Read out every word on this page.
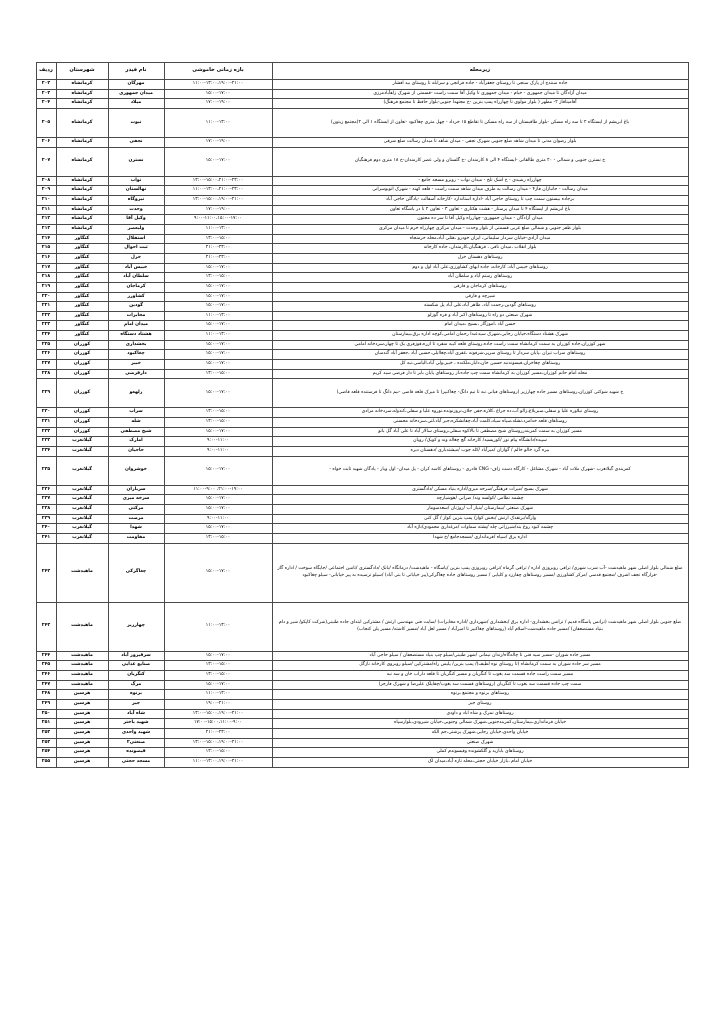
زیرمحله	بازه زمانی خاموشی	نام فیدر	شهرستان	ردیف
جاده سنندج از پارک سنجی تا روستای جعفرآباد - جاده فرانجی و سرابله تا روستای بید افشار	۱۱:۰۰-۱۳:۰۰،۱۹:۰۰-۲۱:۰۰	مهرگان	کرمانشاه	۲۰۲
میدان آزادگان تا میدان جمهوری - خیام - میدان جمهوری تا وکیل آقا سمت راست -قسمتی از شهرک زلفآبادمرزی	۱۵:۰۰-۱۷:۰۰	میدان جمهوری	کرمانشاه	۲۰۳
آقامیناقاز ۲- مطهر ( بلوار مولوی تا چهارراه پمپ بنزین -خ مجتهدا جنوبی-بلوار حافظ تا مجتمع فرهنگ)	۱۷:۰۰-۱۹:۰۰	میلاد	کرمانشاه	۲۰۴
باغ ابریشم از ایستگاه ۲ تا سه راه مسکن -بلوار طاقبستان از سه راه مسکن تا تقاطع ۱۵ خرداد - چهل متری چغاکبود -تعاون از ایستگاه ۱ الی ۲(مجتمع زیتون)	۱۱:۰۰-۱۳:۰۰	نبوت	کرمانشاه	۲۰۵
بلوار رضوان مدنی تا میدان شاهد ضلع جنوبی شهرک نجفی - میدان شاهد تا میدان رسالت ضلع شرقی	۱۷:۰۰-۱۹:۰۰	نجفی	کرمانشاه	۲۰۶
خ نسترن جنوبی و شمالی - ۲۰ متری طالقانی -ایستگاه ۴ الی ۸ کارمندان -خ گلستان و ولی عصر کارمندان-خ ۱۸ متری دوم فرهنگیان	۱۵:۰۰-۱۷:۰۰	نسترن	کرمانشاه	۲۰۷
چهارراه رشیدی - خ اشک تلخ - میدان نواب - روبرو مسجد جامع -	۱۳:۰۰-۱۵:۰۰،۲۱:۰۰-۲۳:۰۰	نواب	کرمانشاه	۲۰۸
میدان رسالت - جانبازان فاز۴ - میدان رسالت به طرف میدان شاهد سمت راست - قلعه کهنه - شهرک اتوبوسرانی	۱۱:۰۰-۱۳:۰۰،۲۱:۰۰-۲۳:۰۰	نهالستان	کرمانشاه	۲۰۹
برجاده بیستون سمت چپ تا روستای حاجی آباد -اداره استاندارد -کارخانه آسفالت -یادگلن حاجی آباد	۱۳:۰۰-۱۵:۰۰،۱۹:۰۰-۲۱:۰۰	نیروگاه	کرمانشاه	۲۱۰
باغ ابریشم از ایستگاه ۴ تا میدان پرستار - هشت هکتاری - تعاون ۳ - تعاون ۲ تا در باشگاه تعاون	۱۷:۰۰-۱۹:۰۰	وحدت	کرمانشاه	۲۱۱
میدان آزادگان - میدان جمهوری- چهارراه وکیل آقا تا سر ده مجنون	۹:۰۰-۱۱:۰۰،۱۵:۰۰-۱۷:۰۰	وکیل آقا	کرمانشاه	۲۱۲
بلوار ظفر جنوبی و شمالی ضلع غربی قسمتی از بلوار وحدت - میدان مرکزی چهارراه خرم تا میدان مرکزی	۱۱:۰۰-۱۳:۰۰	ولیعصر	کرمانشاه	۲۱۳
میدان آزادی-خیابان سردار سلیمانی، ایران خودرو ،هتلی آباد،محله خرمنجاه	۱۳:۰۰-۱۵:۰۰	استقلال	کنگاور	۲۱۴
بلوار انقلاب ،میدان نافی ، فرهنگیان،کارمندان، جاده کارخانه	۲۱:۰۰-۲۳:۰۰	ثبت احوال	کنگاور	۲۱۵
روستاهای دهستان خزل	۲۱:۰۰-۲۳:۰۰	خزل	کنگاور	۲۱۶
روستاهای خبیس آباد، کارخانه، جاده ابهای کشاورزی،علی آباد اول و دوم	۱۵:۰۰-۱۷:۰۰	خبیس آباد	کنگاور	۲۱۷
روستاهای رستم آباد و سلطان آباد	۱۳:۰۰-۱۵:۰۰	سلطان آباد	کنگاور	۲۱۸
روستاهای کرماجان و فارقی	۱۵:۰۰-۱۷:۰۰	کرماجان	کنگاور	۲۱۹
شیرچه و فارقی	۱۵:۰۰-۱۷:۰۰	کشاورز	کنگاور	۲۲۰
روستاهای گودین،رحمت آباد، ظاهر آباد،علی آباد پل شکسته	۱۵:۰۰-۱۷:۰۰	گودین	کنگاور	۲۲۱
شهرک صنعتی دو راه تا روستاهای اکبر آباد و قره گوزلو	۱۱:۰۰-۱۳:۰۰	مخابرات	کنگاور	۲۲۲
حسن آباد ،اموزگار ،بسیج ،میدان امام	۱۵:۰۰-۱۷:۰۰	میدان امام	کنگاور	۲۲۳
شهرک هشتاد دستگاه،خیابان رجایی،شهرک سیدعبدا رحمان امامی،کوچه اداره برق،بیمارستان	۱۱:۰۰-۱۳:۰۰	هشتاد دستگاه	کنگاور	۲۲۴
شهر کوزران،جاده کوزران به سمت کرمانشاه سمت راست جاده،روستای قلعه کبیه منفرد تا ازره،قوزفری یک تا چهار،سردخانه امامی	۱۵:۰۰-۱۷:۰۰	بخشداری	کوزران	۲۲۵
روستاهای سراب تیران ،پایان سردار تا روستای سرپر،شرفونه ،غفری آباد،چغاایلی،حسین آباد ،جعفر آباد گندمبان	۱۵:۰۰-۱۷:۰۰	چغاکبود	کوزران	۲۲۶
روستاهای چغاخزان،فیسوندنبه حسین خان،دابار،ملکنده ، خبیر،ولی آباد،الیاسی،نبه کل	۱۵:۰۰-۱۷:۰۰	خبیر	کوزران	۲۲۷
محله امام حاتم کوزران،مسیر کوزران به کرمانشاه سمت چپ جاده،از روستاهای پایان بابر تا دار فرضی سید کریم	۱۳:۰۰-۱۵:۰۰	دارفرضی	کوزران	۲۲۸
خ شهید شوکتی کوزران،روستاهای مسیر جاده چهارزیر (روستاهای فیانی نبه تا نیم دانگ- چغاکبیز) تا میرک قلعه قاضی -نیم دانگ تا فرستنده قلعه قاضی)	۱۵:۰۰-۱۷:۰۰	زلهعو	کوزران	۲۲۹
روستای نیلاوره علیا و سفلی،سبزبلاغ،زالو آب،ده جراغ ،کلاره،جفن جلان،نروزنونده،نوروه علیا و سفلی،کندوله،سردخانه مرادی	۱۳:۰۰-۱۵:۰۰	سراب	کوزران	۲۳۰
روستاهای قلعه خدامرد،تشله،سیاه سیاد،کلمت آباد،چفانشکره،جبر آباد،لتی،سردخانه محسنی	۱۳:۰۰-۱۵:۰۰	شله	کوزران	۲۳۱
مسیر کوزران به سمت کمربندرروستای شیخ مصطفی تا بالاکوه سفلی،روستای سالار آباد تا علی آباد گل باتو	۱۵:۰۰-۱۷:۰۰	شیخ مصطفی	کوزران	۲۳۲
سپیده/دانشگاه پیام نور /کوریسید/ کارخانه گچ چغاله وند و کویک/ رویان	۹:۰۰-۱۱:۰۰	امارک	گیلانغرب	۲۳۳
بیره گرد خالو خالم / گوازان /میرآباد /کله جوب /میشتدباری /دهستان دیره	۹:۰۰-۱۱:۰۰	حاجیان	گیلانغرب	۲۳۴
کمربندی گیلانغرب -شهرک ملات آباد - شهرک مشاغل - کارگاه دست زاف- CNG قادری - روستاهای کاسه کران - پل میدان- اول ویار - یادگان شهید ثابت خواه -	۱۵:۰۰-۱۷:۰۰	خوشروان	گیلانغرب	۲۳۵
شهرک بسیج /میرات فرهنگی/سرخه میری/اداره بنیاد مسکن /دادگستری	۲۱:۰۰-۱۹:۰۰، ۱۱:۰۰-۹:۰۰	سربازان	گیلانغرب	۲۳۶
چشمه نظامی /کولسه وند/ ضرانی /هوشیارچه	۱۵:۰۰-۱۷:۰۰	سرخه میری	گیلانغرب	۲۳۷
شهرک صنعتی /بیمارستان /بنیاز آب /روژنان /سعدسومار	۱۵:۰۰-۱۷:۰۰	مرکتی	گیلانغرب	۲۳۸
وارگه/برنقدک ارتش /بخش کواز/ پمپ بنزین کواز / گل کنی	۹:۰۰-۱۱:۰۰	مرصت	گیلانغرب	۲۳۹
چشمه کبود روغ بند/شیرزانی چله /پشته سماوات /مرغداری محمودی/ناژه آباد	۱۵:۰۰-۱۷:۰۰	شهدا	گیلانغرب	۲۴۰
اداره برق /سپاه /فرمانداری /مسجدجامع /خ شهدا	۱۳:۰۰-۱۵:۰۰	مقاومت	گیلانغرب	۲۴۱
ضلع شمالی بلوار اصلی شهر ماهیدشت -آب شرب شهری/ ترافی روبروزی اداره / ترافی گرماه /ترافی روبروزی پمپ بنزین /پاسگاه - ماهیدشت/ درمانگاه /بانک /دادگستری /تامین اجتماعی /جایگاه سوخت / اداره گاز -فرارگاه نجف اشرف /مجتمع قدسی /مرکز کشاورزی /مسیر روستاهای چفارزد و کلیایی / مسیر روستاهای جاده چغاگرکی(پیر خیابانی تا بتی آباد) /سیلو ترسیده به پیر خیابانی- سیلو چغاکبود	۱۵:۰۰-۱۷:۰۰	چغاگرکی	ماهیدشت	۲۴۲
ضلع جنوبی بلوار اصلی شهر ماهیدشت (ترانس پاسگاه قدیم / ترانس بخشداری- اداره برق /بخشداری /شهرداری /اداره مخابرات) /سایت فنی مهندسی ارتش / مشترکین ابتدای جاده طنینی(شرکت کاپکو/ شیر و دام بنیاد مستضعفان) /مسیر جاده ماهیدشت-اسلام آباد (روستاهای چغاکبیز تا امیرآباد / مسیر لعل آباد /مسیر کاشته/ مسیر پلن کنجاب)	۱۱:۰۰-۱۳:۰۰	چهارزبر	ماهیدشت	۲۴۳
مسیر جاده شوران -مسیر سید فنی تا چاله‌گاه/زندان نیمانی /شهر طنینی/سیلو چپ بنیاد مستضعفان / سیلو حاجی آباد	۱۵:۰۰-۱۷:۰۰	سرفیروز آباد	ماهیدشت	۲۴۴
مسیر سر جاده شوران به سمت کرمانشاه (تا روستای نوه لطیف)/ پمپ بنزین/ پلیس راه/مشترکین /سیلو روبروی کارخانه نازگل	۱۳:۰۰-۱۵:۰۰	صنایع غذایی	ماهیدشت	۲۴۵
مسیر سمت راست جاده قسمت سد بغوب تا کنگربان و مسیر کنگربان تا قلعه داراب خان و سه نبه	۱۳:۰۰-۱۵:۰۰	کنگربان	ماهیدشت	۲۴۶
سمت چپ جاده قسمت سد بغوب تا کنگربان (روستاهای قسمت سد بغوب/چفاپلک علیرضا و شهرک فارجز)	۱۵:۰۰-۱۷:۰۰	مرگ	ماهیدشت	۲۴۷
روستاهای برنوه و مجتمع برنوه	۱۱:۰۰-۱۳:۰۰	برنوه	هرسین	۲۴۸
روستای جیر	۱۹:۰۰-۲۱:۰۰	جیر	هرسین	۲۴۹
روستاهای نمرک و شاه اباد و داودی	۱۳:۰۰-۱۵:۰۰،۱۹:۰۰-۲۱:۰۰	شاه آباد	هرسین	۲۵۰
خیابان فرمانداری،بیمارستان،کمربندجنوبی،شهرک شمالی وجنوبی،خیابان شیرودی،بلوارسپاه	۱۷:۰۰-۱۵:۰۰،۱۱:۰۰-۹:۰۰	شهید باختر	هرسین	۲۵۱
خیابان واحدی،خیابان رجایی،شهرک پزشتی،جم الکه	۲۱:۰۰-۲۳:۰۰	شهید واحدی	هرسین	۲۵۲
شهرک صنعتی	۱۳:۰۰-۱۵:۰۰،۱۹:۰۰-۲۱:۰۰	صنعتی۲	هرسین	۲۵۳
روستاهای بابازید و گلکشونده وقیسوندم کملی	۱۳:۰۰-۱۵:۰۰	قیصونده	هرسین	۲۵۴
خیابان امام ،بازار خیابان حجتی،محله تازه آباد،میدان لک	۱۱:۰۰-۱۳:۰۰،۱۹:۰۰-۲۱:۰۰	مسجد حجتی	هرسین	۲۵۵
